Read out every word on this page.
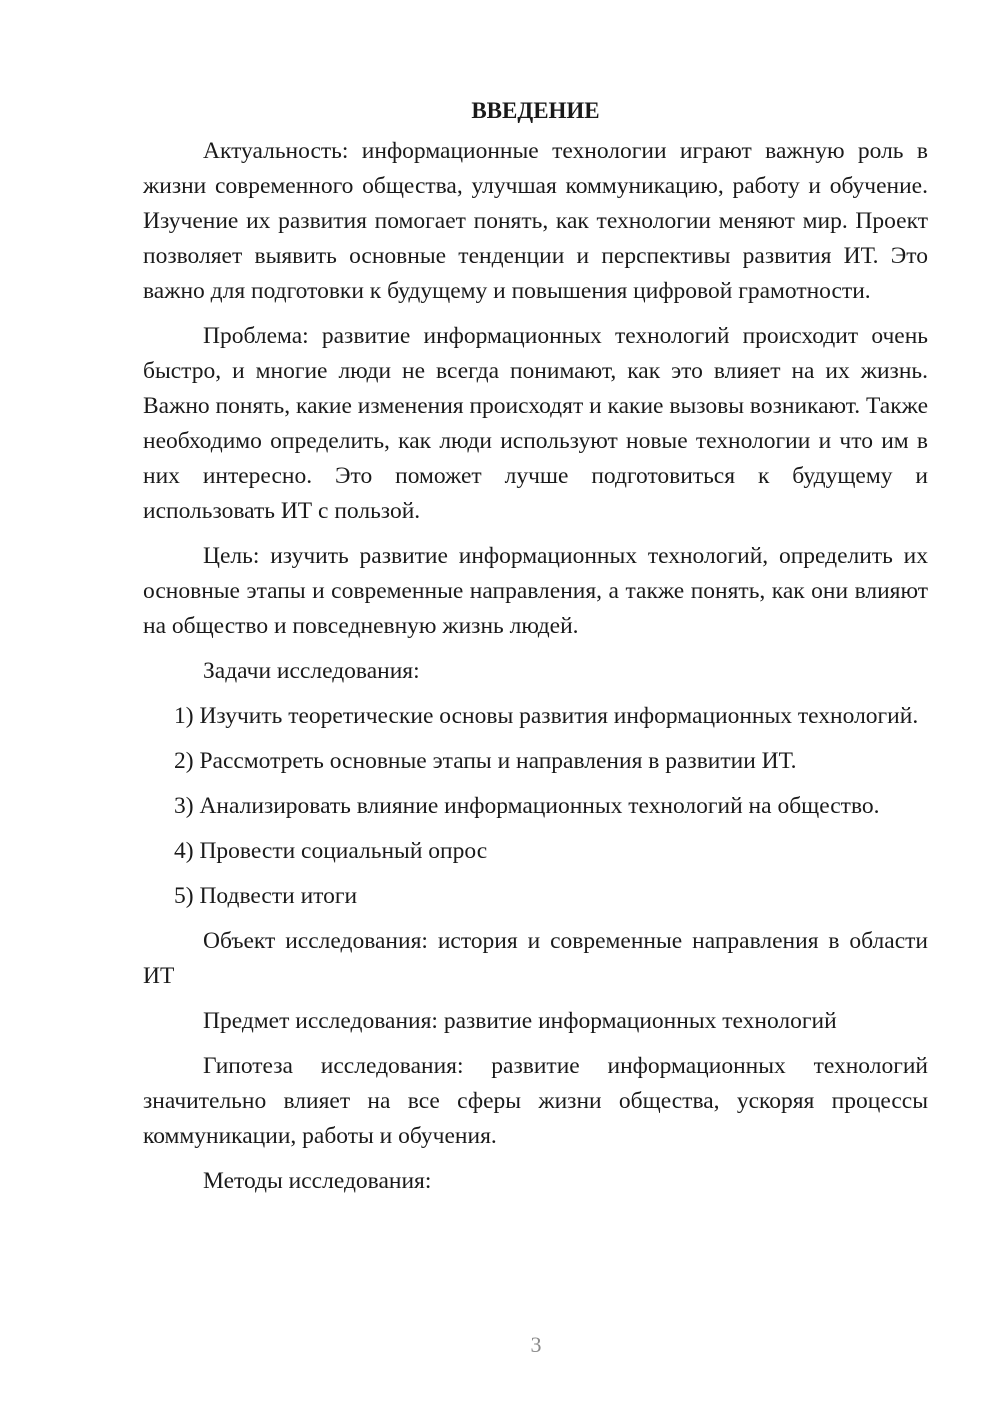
ВВЕДЕНИЕ

Актуальность: информационные технологии играют важную роль в жизни современного общества, улучшая коммуникацию, работу и обучение. Изучение их развития помогает понять, как технологии меняют мир. Проект позволяет выявить основные тенденции и перспективы развития ИТ. Это важно для подготовки к будущему и повышения цифровой грамотности.

Проблема: развитие информационных технологий происходит очень быстро, и многие люди не всегда понимают, как это влияет на их жизнь. Важно понять, какие изменения происходят и какие вызовы возникают. Также необходимо определить, как люди используют новые технологии и что им в них интересно. Это поможет лучше подготовиться к будущему и использовать ИТ с пользой.

Цель: изучить развитие информационных технологий, определить их основные этапы и современные направления, а также понять, как они влияют на общество и повседневную жизнь людей.

Задачи исследования:

1) Изучить теоретические основы развития информационных технологий.

2) Рассмотреть основные этапы и направления в развитии ИТ.

3) Анализировать влияние информационных технологий на общество.

4) Провести социальный опрос

5) Подвести итоги

Объект исследования: история и современные направления в области ИТ

Предмет исследования: развитие информационных технологий

Гипотеза исследования: развитие информационных технологий значительно влияет на все сферы жизни общества, ускоряя процессы коммуникации, работы и обучения.

Методы исследования:

3
